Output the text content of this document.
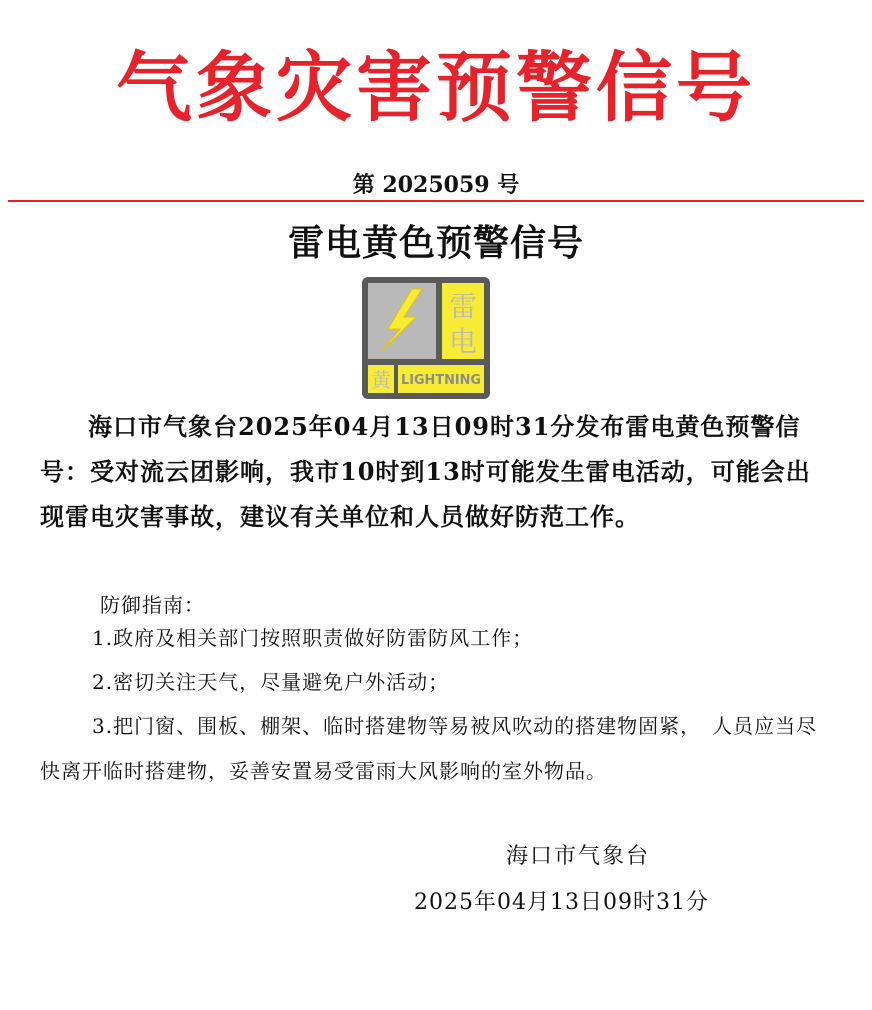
气象灾害预警信号
第 2025059 号
雷电黄色预警信号
雷
电
黄 LIGHTNING

海口市气象台2025年04月13日09时31分发布雷电黄色预警信号：受对流云团影响，我市10时到13时可能发生雷电活动，可能会出现雷电灾害事故，建议有关单位和人员做好防范工作。

防御指南：

1.政府及相关部门按照职责做好防雷防风工作；

2.密切关注天气，尽量避免户外活动；

3.把门窗、围板、棚架、临时搭建物等易被风吹动的搭建物固紧，　人员应当尽快离开临时搭建物，妥善安置易受雷雨大风影响的室外物品。

海口市气象台
2025年04月13日09时31分
